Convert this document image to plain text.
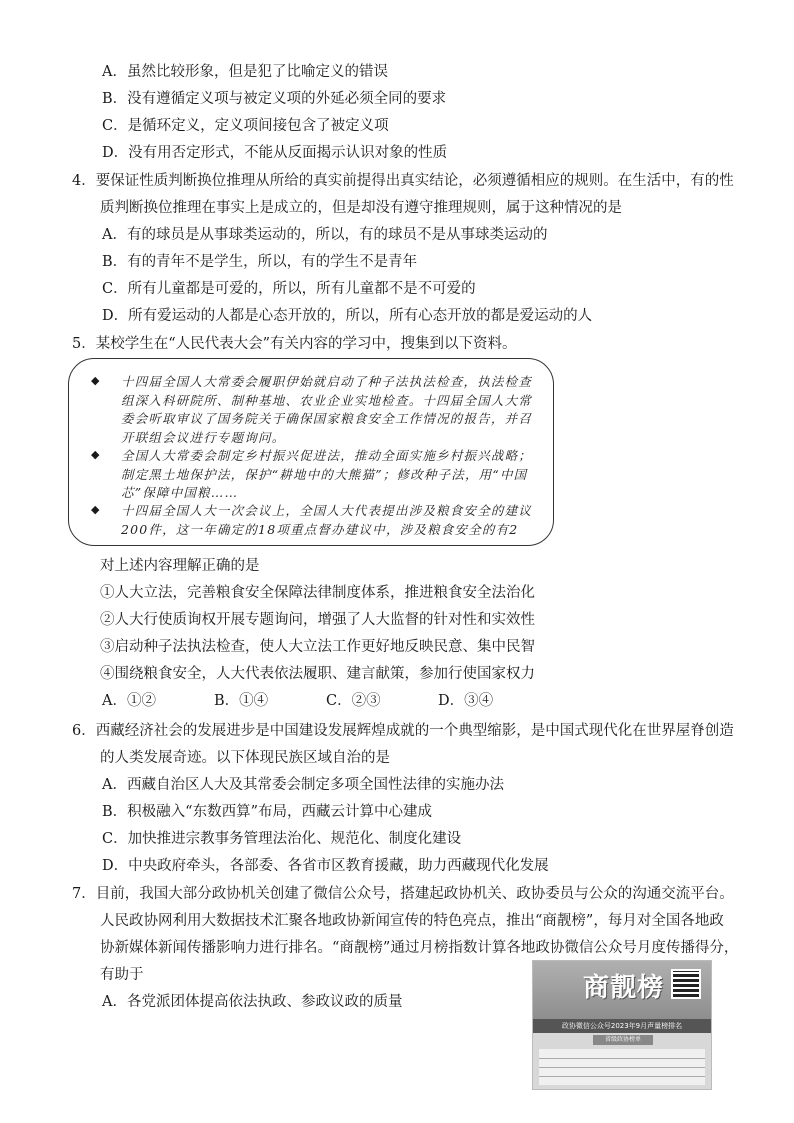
A．虽然比较形象，但是犯了比喻定义的错误
B．没有遵循定义项与被定义项的外延必须全同的要求
C．是循环定义，定义项间接包含了被定义项
D．没有用否定形式，不能从反面揭示认识对象的性质
4．要保证性质判断换位推理从所给的真实前提得出真实结论，必须遵循相应的规则。在生活中，有的性
质判断换位推理在事实上是成立的，但是却没有遵守推理规则，属于这种情况的是
A．有的球员是从事球类运动的，所以，有的球员不是从事球类运动的
B．有的青年不是学生，所以，有的学生不是青年
C．所有儿童都是可爱的，所以，所有儿童都不是不可爱的
D．所有爱运动的人都是心态开放的，所以，所有心态开放的都是爱运动的人
5．某校学生在“人民代表大会”有关内容的学习中，搜集到以下资料。
◆ 十四届全国人大常委会履职伊始就启动了种子法执法检查，执法检查组深入科研院所、制种基地、农业企业实地检查。十四届全国人大常委会听取审议了国务院关于确保国家粮食安全工作情况的报告，并召开联组会议进行专题询问。
◆ 全国人大常委会制定乡村振兴促进法，推动全面实施乡村振兴战略；制定黑土地保护法，保护“耕地中的大熊猫”；修改种子法，用“中国芯”保障中国粮……
◆ 十四届全国人大一次会议上，全国人大代表提出涉及粮食安全的建议200件，这一年确定的18项重点督办建议中，涉及粮食安全的有2
对上述内容理解正确的是
①人大立法，完善粮食安全保障法律制度体系，推进粮食安全法治化
②人大行使质询权开展专题询问，增强了人大监督的针对性和实效性
③启动种子法执法检查，使人大立法工作更好地反映民意、集中民智
④围绕粮食安全，人大代表依法履职、建言献策，参加行使国家权力
A．①②	B．①④	C．②③	D．③④
6．西藏经济社会的发展进步是中国建设发展辉煌成就的一个典型缩影，是中国式现代化在世界屋脊创造
的人类发展奇迹。以下体现民族区域自治的是
A．西藏自治区人大及其常委会制定多项全国性法律的实施办法
B．积极融入“东数西算”布局，西藏云计算中心建成
C．加快推进宗教事务管理法治化、规范化、制度化建设
D．中央政府牵头，各部委、各省市区教育援藏，助力西藏现代化发展
7．目前，我国大部分政协机关创建了微信公众号，搭建起政协机关、政协委员与公众的沟通交流平台。
人民政协网利用大数据技术汇聚各地政协新闻宣传的特色亮点，推出“商靓榜”，每月对全国各地政
协新媒体新闻传播影响力进行排名。“商靓榜”通过月榜指数计算各地政协微信公众号月度传播得分，
有助于
A．各党派团体提高依法执政、参政议政的质量	商靓榜
政协微信公众号2023年9月声量榜排名
省级政协榜单
